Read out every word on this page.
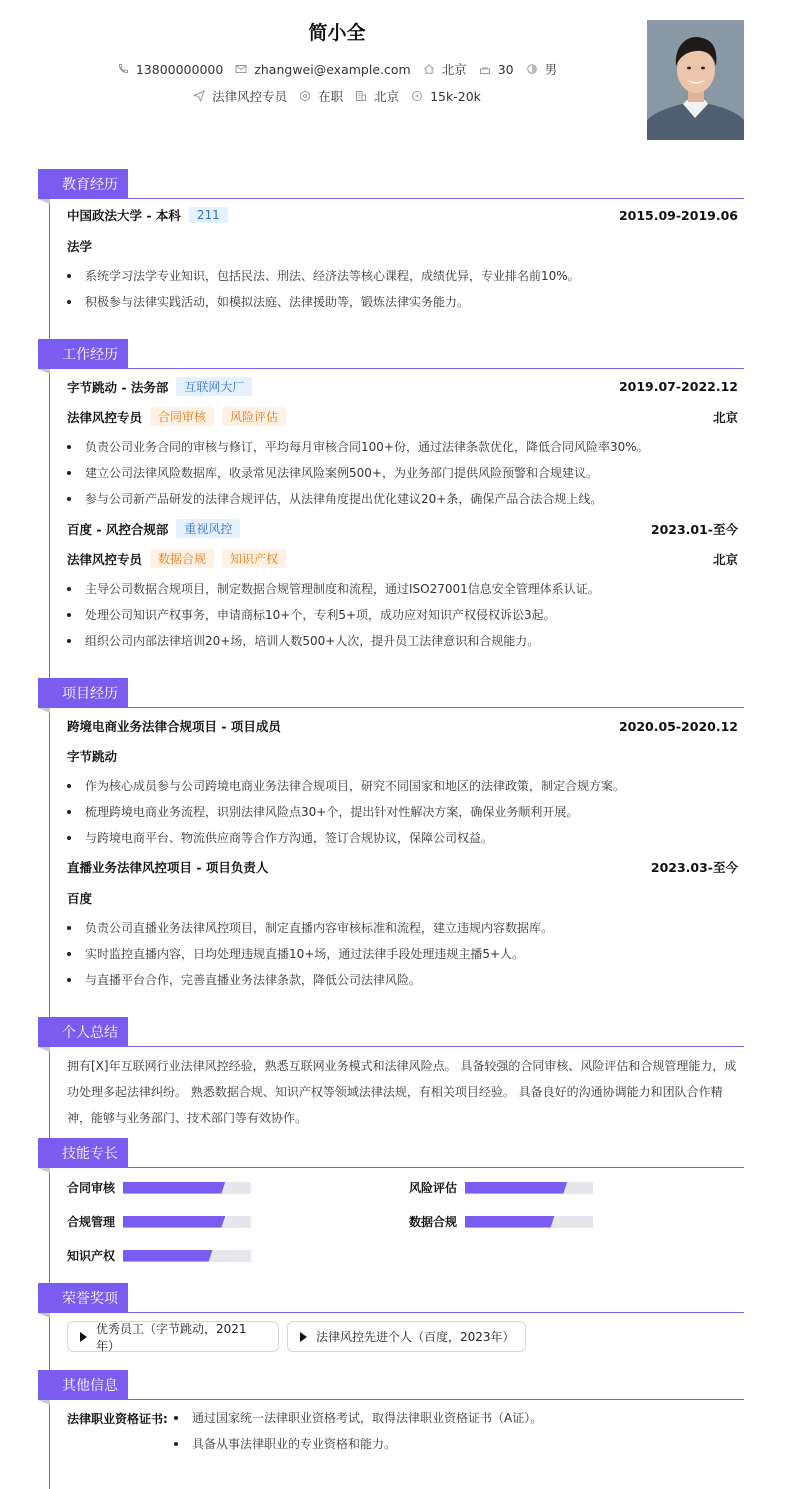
简小全
13800000000 zhangwei@example.com 北京 30 男
法律风控专员 在职 北京 15k-20k
教育经历
中国政法大学 - 本科	211	2015.09-2019.06
法学
系统学习法学专业知识，包括民法、刑法、经济法等核心课程，成绩优异，专业排名前10%。
积极参与法律实践活动，如模拟法庭、法律援助等，锻炼法律实务能力。
工作经历
字节跳动 - 法务部	互联网大厂	2019.07-2022.12
法律风控专员	合同审核	风险评估	北京
负责公司业务合同的审核与修订，平均每月审核合同100+份，通过法律条款优化，降低合同风险率30%。
建立公司法律风险数据库，收录常见法律风险案例500+，为业务部门提供风险预警和合规建议。
参与公司新产品研发的法律合规评估，从法律角度提出优化建议20+条，确保产品合法合规上线。
百度 - 风控合规部	重视风控	2023.01-至今
法律风控专员	数据合规	知识产权	北京
主导公司数据合规项目，制定数据合规管理制度和流程，通过ISO27001信息安全管理体系认证。
处理公司知识产权事务，申请商标10+个，专利5+项，成功应对知识产权侵权诉讼3起。
组织公司内部法律培训20+场，培训人数500+人次，提升员工法律意识和合规能力。
项目经历
跨境电商业务法律合规项目 - 项目成员	2020.05-2020.12
字节跳动
作为核心成员参与公司跨境电商业务法律合规项目，研究不同国家和地区的法律政策，制定合规方案。
梳理跨境电商业务流程，识别法律风险点30+个，提出针对性解决方案，确保业务顺利开展。
与跨境电商平台、物流供应商等合作方沟通，签订合规协议，保障公司权益。
直播业务法律风控项目 - 项目负责人	2023.03-至今
百度
负责公司直播业务法律风控项目，制定直播内容审核标准和流程，建立违规内容数据库。
实时监控直播内容，日均处理违规直播10+场，通过法律手段处理违规主播5+人。
与直播平台合作，完善直播业务法律条款，降低公司法律风险。
个人总结
拥有[X]年互联网行业法律风控经验，熟悉互联网业务模式和法律风险点。 具备较强的合同审核、风险评估和合规管理能力，成功处理多起法律纠纷。 熟悉数据合规、知识产权等领域法律法规，有相关项目经验。 具备良好的沟通协调能力和团队合作精神，能够与业务部门、技术部门等有效协作。
技能专长
合同审核	风险评估
合规管理	数据合规
知识产权
荣誉奖项
优秀员工（字节跳动，2021年）
法律风控先进个人（百度，2023年）
其他信息
法律职业资格证书:	通过国家统一法律职业资格考试，取得法律职业资格证书（A证）。
具备从事法律职业的专业资格和能力。
